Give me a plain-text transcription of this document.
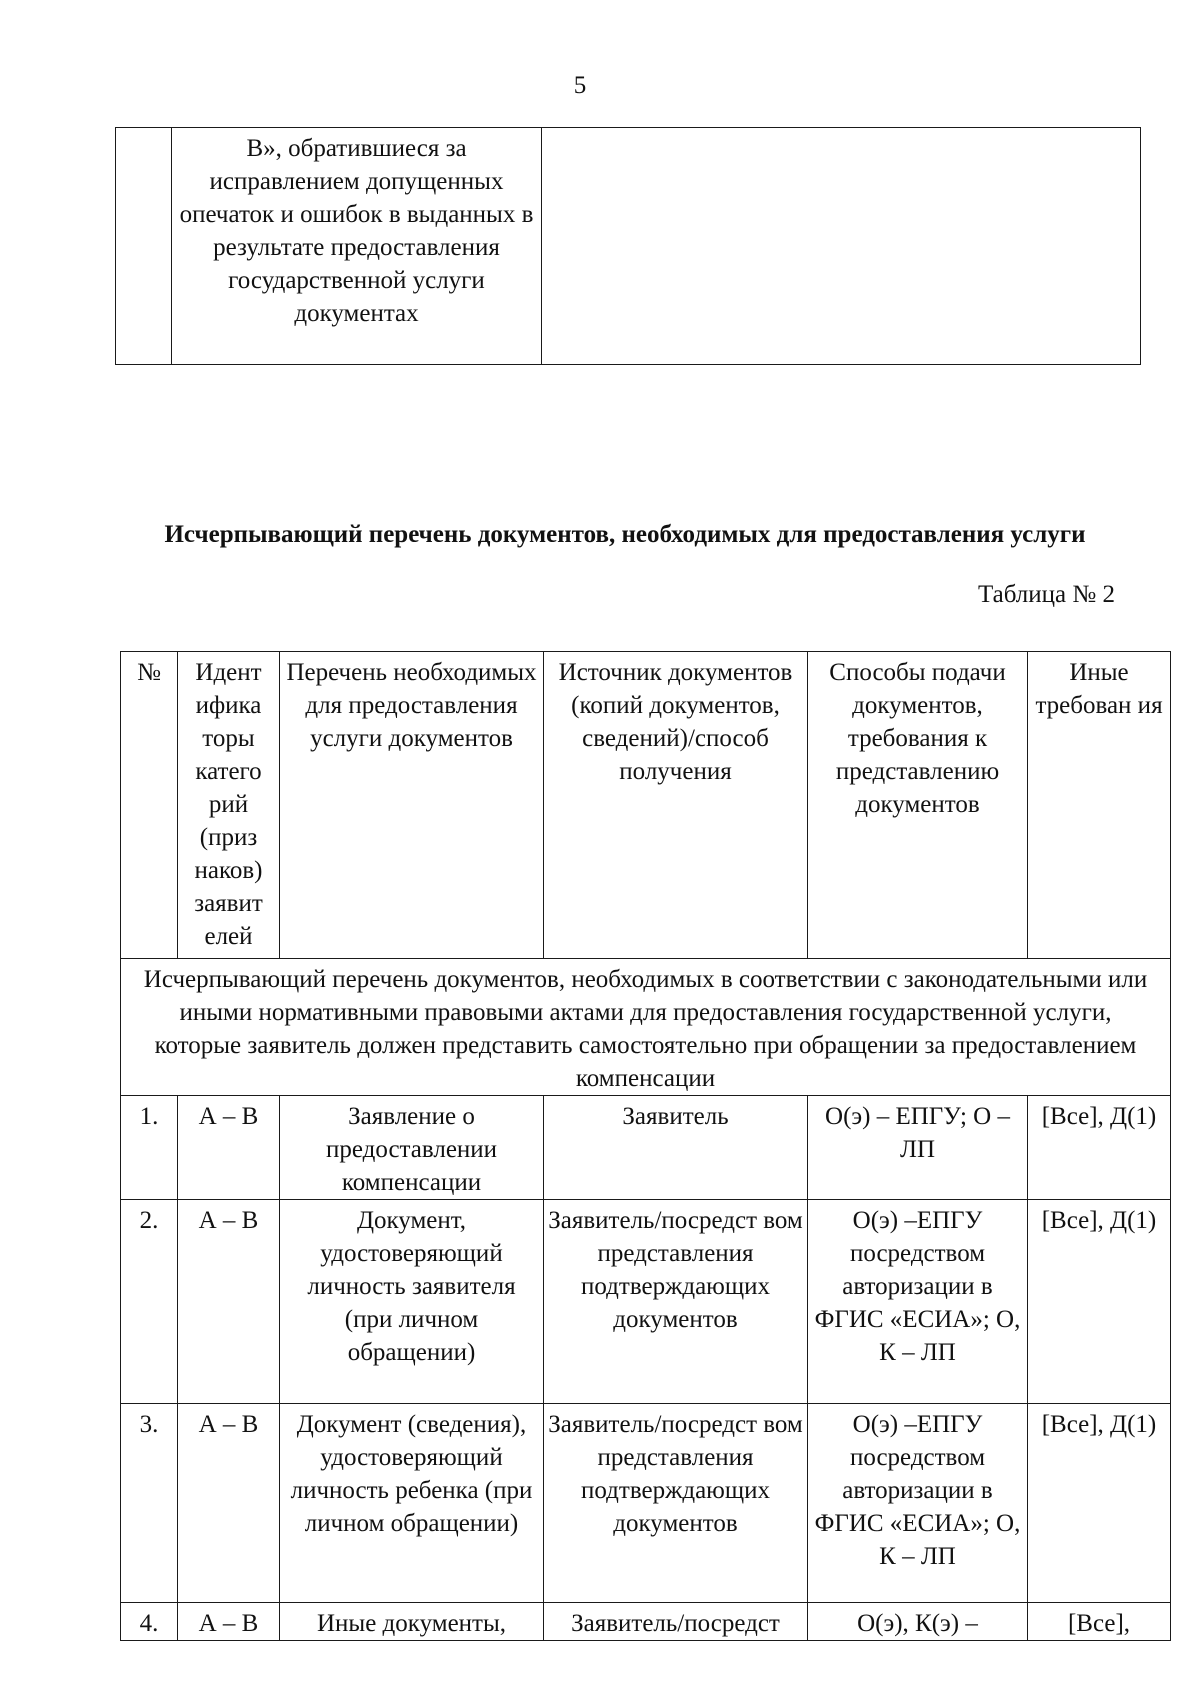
5
	В», обратившиеся за исправлением допущенных опечаток и ошибок в выданных в результате предоставления государственной услуги документах	
Исчерпывающий перечень документов, необходимых для предоставления услуги
Таблица № 2
№	Идент ифика торы катего рий (приз наков) заявит елей	Перечень необходимых для предоставления услуги документов	Источник документов (копий документов, сведений)/способ получения	Способы подачи документов, требования к представлению документов	Иные требован ия
Исчерпывающий перечень документов, необходимых в соответствии с законодательными или иными нормативными правовыми актами для предоставления государственной услуги, которые заявитель должен представить самостоятельно при обращении за предоставлением компенсации					
1.	А – В	Заявление о предоставлении компенсации	Заявитель	О(э) – ЕПГУ; О – ЛП	[Все], Д(1)
2.	А – В	Документ, удостоверяющий личность заявителя (при личном обращении)	Заявитель/посредст вом представления подтверждающих документов	О(э) –ЕПГУ посредством авторизации в ФГИС «ЕСИА»; О, К – ЛП	[Все], Д(1)
3.	А – В	Документ (сведения), удостоверяющий личность ребенка (при личном обращении)	Заявитель/посредст вом представления подтверждающих документов	О(э) –ЕПГУ посредством авторизации в ФГИС «ЕСИА»; О, К – ЛП	[Все], Д(1)
4.	А – В	Иные документы,	Заявитель/посредст	О(э), К(э) –	[Все],
